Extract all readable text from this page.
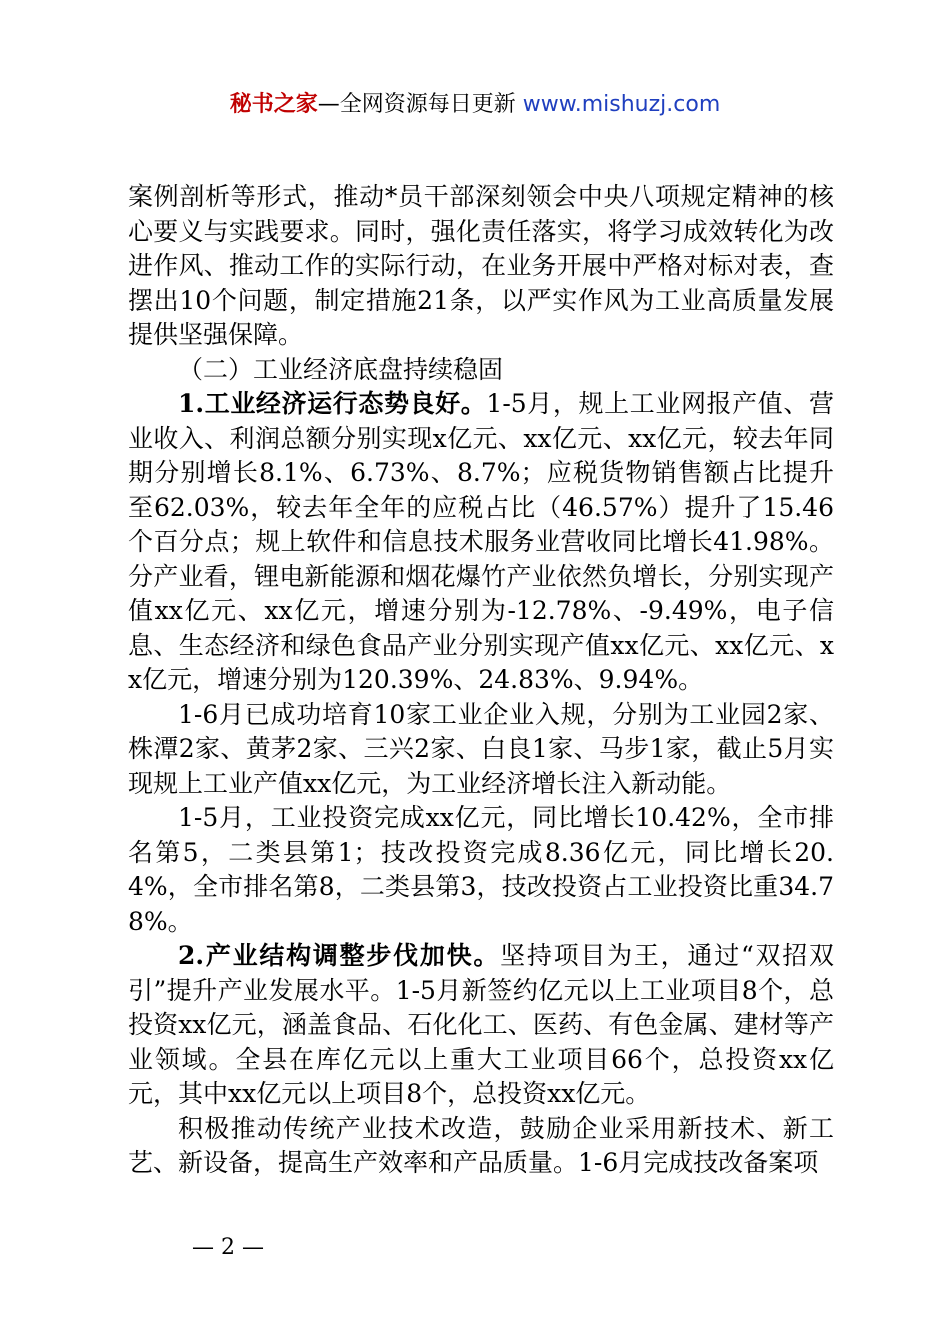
秘书之家—全网资源每日更新 www.mishuzj.com

案例剖析等形式，推动*员干部深刻领会中央八项规定精神的核心要义与实践要求。同时，强化责任落实，将学习成效转化为改进作风、推动工作的实际行动，在业务开展中严格对标对表，查摆出10个问题，制定措施21条，以严实作风为工业高质量发展提供坚强保障。

（二）工业经济底盘持续稳固

1.工业经济运行态势良好。1-5月，规上工业网报产值、营业收入、利润总额分别实现x亿元、xx亿元、xx亿元，较去年同期分别增长8.1%、6.73%、8.7%；应税货物销售额占比提升至62.03%，较去年全年的应税占比（46.57%）提升了15.46个百分点；规上软件和信息技术服务业营收同比增长41.98%。分产业看，锂电新能源和烟花爆竹产业依然负增长，分别实现产值xx亿元、xx亿元，增速分别为-12.78%、-9.49%，电子信息、生态经济和绿色食品产业分别实现产值xx亿元、xx亿元、xx亿元，增速分别为120.39%、24.83%、9.94%。

1-6月已成功培育10家工业企业入规，分别为工业园2家、株潭2家、黄茅2家、三兴2家、白良1家、马步1家，截止5月实现规上工业产值xx亿元，为工业经济增长注入新动能。

1-5月，工业投资完成xx亿元，同比增长10.42%，全市排名第5，二类县第1；技改投资完成8.36亿元，同比增长20.4%，全市排名第8，二类县第3，技改投资占工业投资比重34.78%。

2.产业结构调整步伐加快。坚持项目为王，通过“双招双引”提升产业发展水平。1-5月新签约亿元以上工业项目8个，总投资xx亿元，涵盖食品、石化化工、医药、有色金属、建材等产业领域。全县在库亿元以上重大工业项目66个，总投资xx亿元，其中xx亿元以上项目8个，总投资xx亿元。

积极推动传统产业技术改造，鼓励企业采用新技术、新工艺、新设备，提高生产效率和产品质量。1-6月完成技改备案项

— 2 —
